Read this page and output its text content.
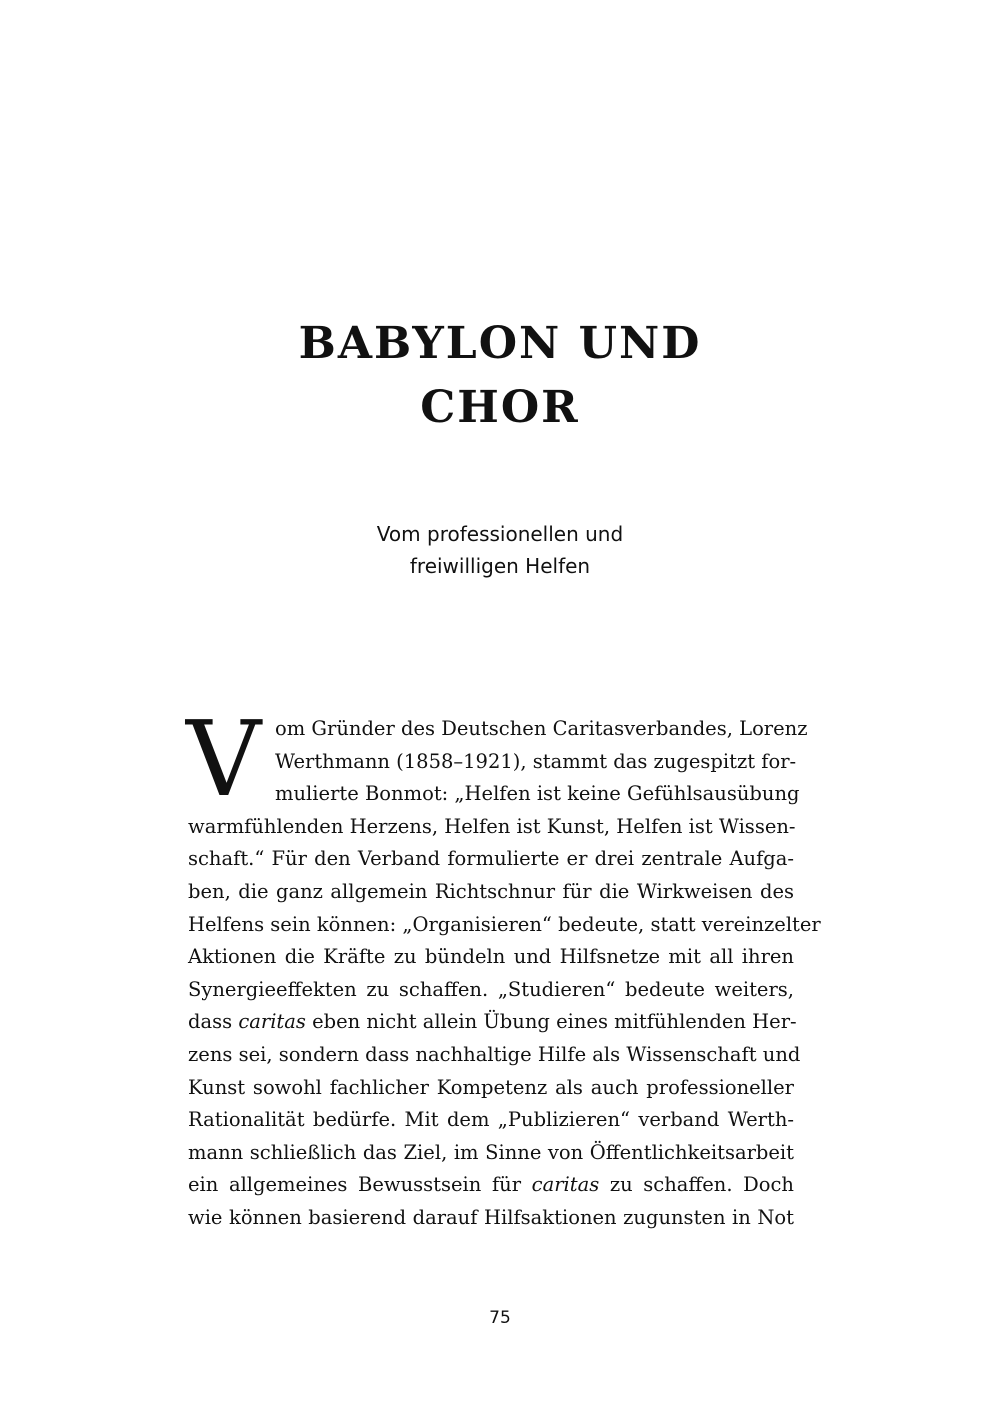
BABYLON UND
CHOR

Vom professionellen und
freiwilligen Helfen

V om Gründer des Deutschen Caritasverbandes, Lorenz
Werthmann (1858–1921), stammt das zugespitzt for-
mulierte Bonmot: „Helfen ist keine Gefühlsausübung
warmfühlenden Herzens, Helfen ist Kunst, Helfen ist Wissen-
schaft.“ Für den Verband formulierte er drei zentrale Aufga-
ben, die ganz allgemein Richtschnur für die Wirkweisen des
Helfens sein können: „Organisieren“ bedeute, statt vereinzelter
Aktionen die Kräfte zu bündeln und Hilfsnetze mit all ihren
Synergieeffekten zu schaffen. „Studieren“ bedeute weiters,
dass caritas eben nicht allein Übung eines mitfühlenden Her-
zens sei, sondern dass nachhaltige Hilfe als Wissenschaft und
Kunst sowohl fachlicher Kompetenz als auch professioneller
Rationalität bedürfe. Mit dem „Publizieren“ verband Werth-
mann schließlich das Ziel, im Sinne von Öffentlichkeitsarbeit
ein allgemeines Bewusstsein für caritas zu schaffen. Doch
wie können basierend darauf Hilfsaktionen zugunsten in Not

75
